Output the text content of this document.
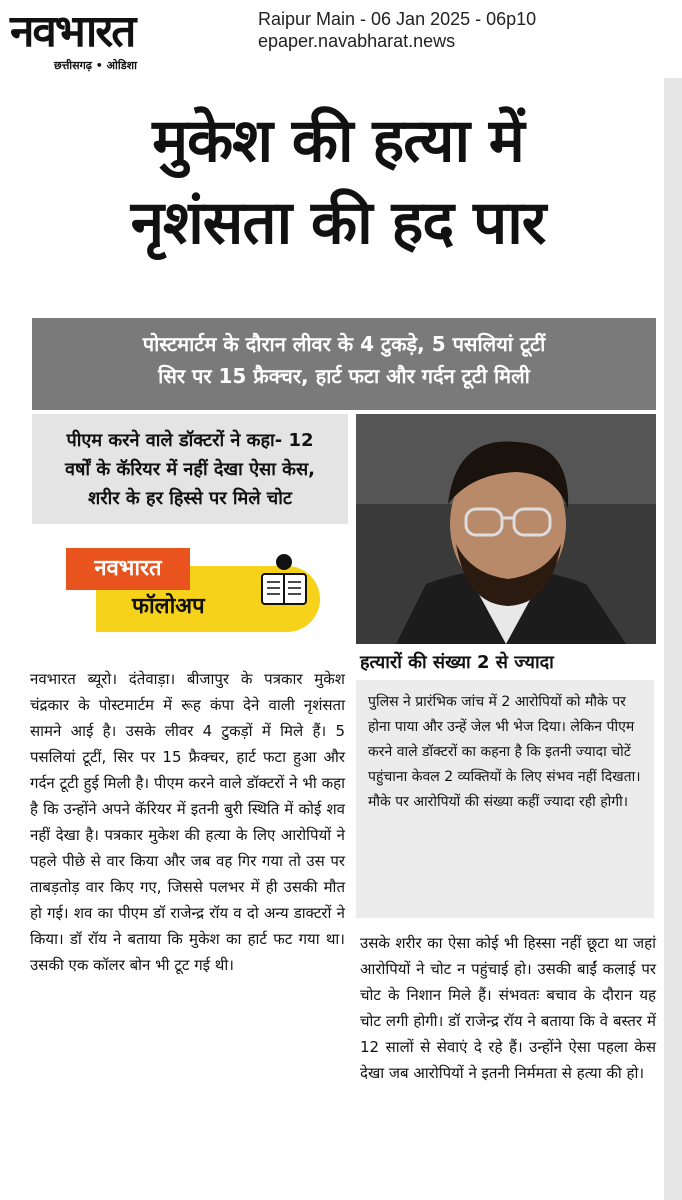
नवभारत
छत्तीसगढ़ • ओडिशा
Raipur Main - 06 Jan 2025 - 06p10
epaper.navabharat.news
मुकेश की हत्या में
नृशंसता की हद पार
पोस्टमार्टम के दौरान लीवर के 4 टुकड़े, 5 पसलियां टूटीं
सिर पर 15 फ्रैक्चर, हार्ट फटा और गर्दन टूटी मिली
पीएम करने वाले डॉक्टरों ने कहा- 12
वर्षों के कॅरियर में नहीं देखा ऐसा केस,
शरीर के हर हिस्से पर मिले चोट
नवभारत
फॉलोअप

नवभारत ब्यूरो। दंतेवाड़ा। बीजापुर के पत्रकार मुकेश चंद्रकार के पोस्टमार्टम में रूह कंपा देने वाली नृशंसता सामने आई है। उसके लीवर 4 टुकड़ों में मिले हैं। 5 पसलियां टूटीं, सिर पर 15 फ्रैक्चर, हार्ट फटा हुआ और गर्दन टूटी हुई मिली है। पीएम करने वाले डॉक्टरों ने भी कहा है कि उन्होंने अपने कॅरियर में इतनी बुरी स्थिति में कोई शव नहीं देखा है। पत्रकार मुकेश की हत्या के लिए आरोपियों ने पहले पीछे से वार किया और जब वह गिर गया तो उस पर ताबड़तोड़ वार किए गए, जिससे पलभर में ही उसकी मौत हो गई। शव का पीएम डॉ राजेन्द्र रॉय व दो अन्य डाक्टरों ने किया। डॉ रॉय ने बताया कि मुकेश का हार्ट फट गया था। उसकी एक कॉलर बोन भी टूट गई थी।

हत्यारों की संख्या 2 से ज्यादा
पुलिस ने प्रारंभिक जांच में 2 आरोपियों को मौके पर होना पाया और उन्हें जेल भी भेज दिया। लेकिन पीएम करने वाले डॉक्टरों का कहना है कि इतनी ज्यादा चोटें पहुंचाना केवल 2 व्यक्तियों के लिए संभव नहीं दिखता। मौके पर आरोपियों की संख्या कहीं ज्यादा रही होगी।

उसके शरीर का ऐसा कोई भी हिस्सा नहीं छूटा था जहां आरोपियों ने चोट न पहुंचाई हो। उसकी बाईं कलाई पर चोट के निशान मिले हैं। संभवतः बचाव के दौरान यह चोट लगी होगी। डॉ राजेन्द्र रॉय ने बताया कि वे बस्तर में 12 सालों से सेवाएं दे रहे हैं। उन्होंने ऐसा पहला केस देखा जब आरोपियों ने इतनी निर्ममता से हत्या की हो।
